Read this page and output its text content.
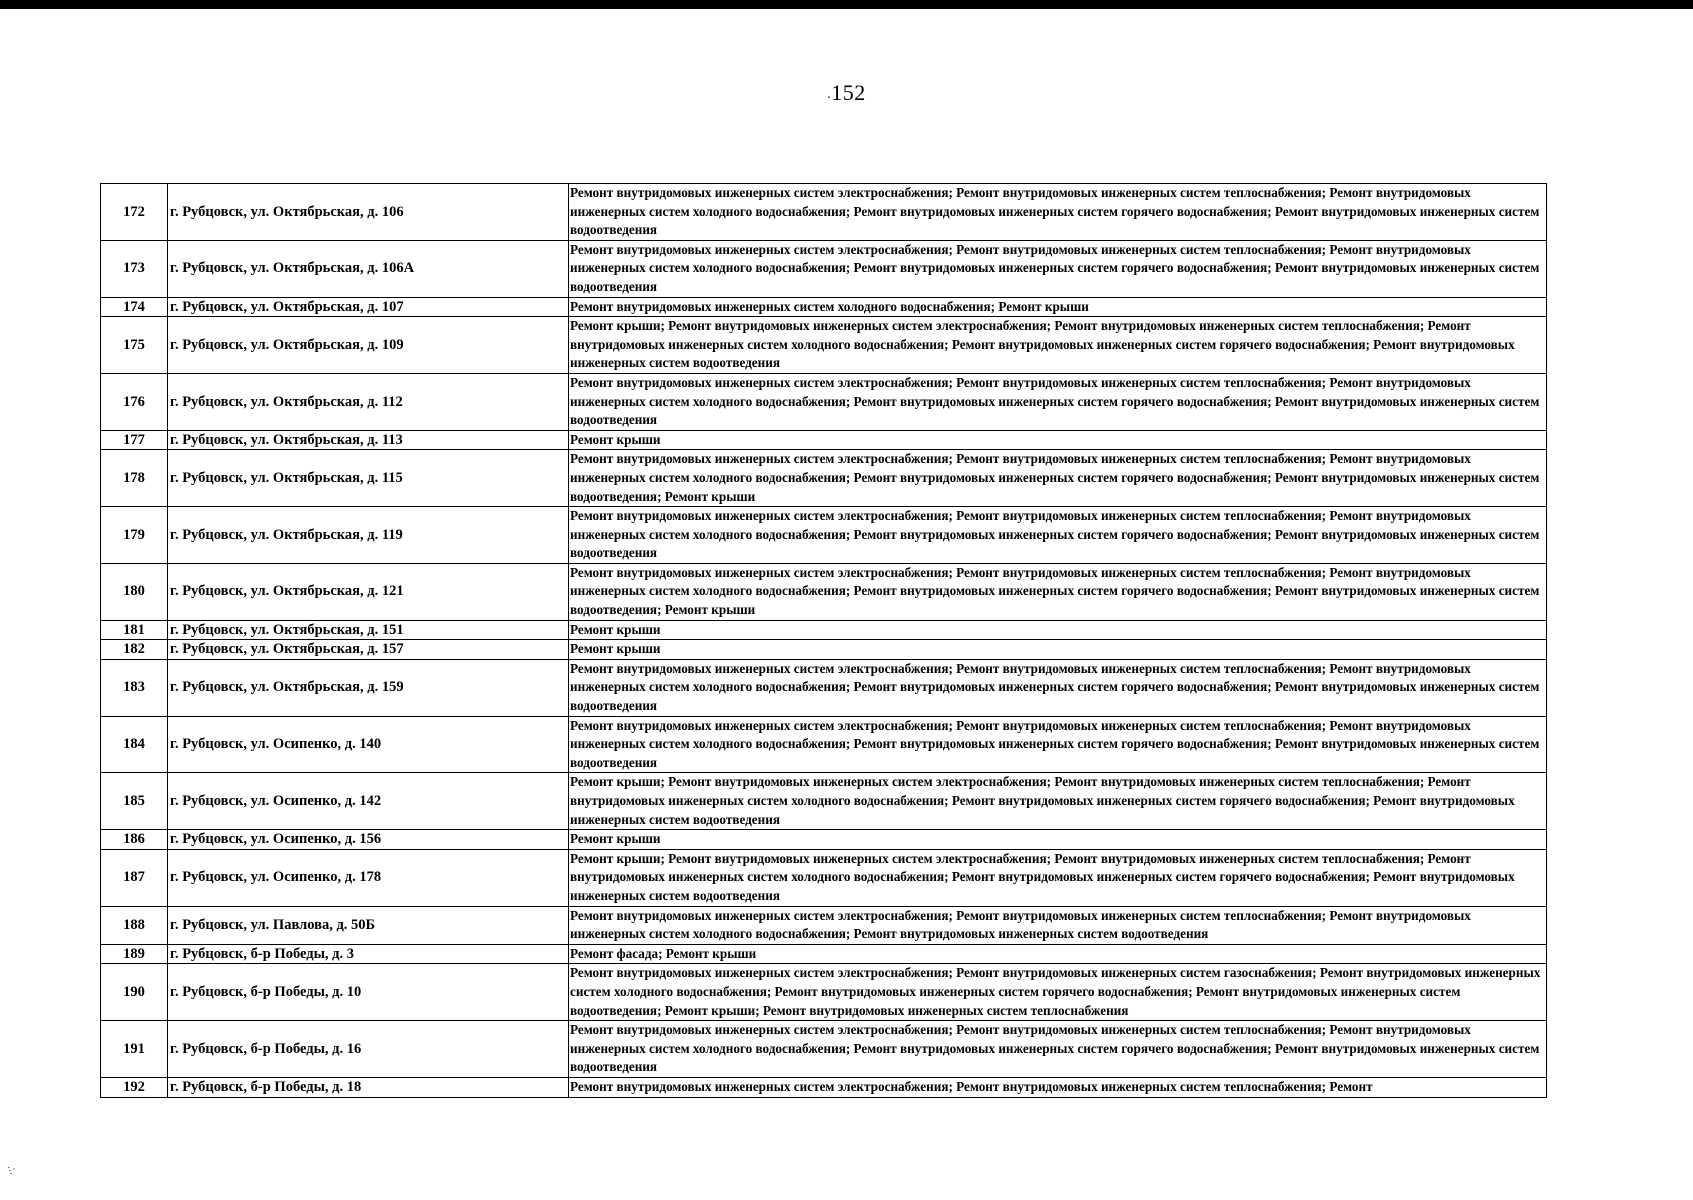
.152
172	г. Рубцовск, ул. Октябрьская, д. 106	Ремонт внутридомовых инженерных систем электроснабжения; Ремонт внутридомовых инженерных систем теплоснабжения; Ремонт внутридомовых инженерных систем холодного водоснабжения; Ремонт внутридомовых инженерных систем горячего водоснабжения; Ремонт внутридомовых инженерных систем водоотведения
173	г. Рубцовск, ул. Октябрьская, д. 106А	Ремонт внутридомовых инженерных систем электроснабжения; Ремонт внутридомовых инженерных систем теплоснабжения; Ремонт внутридомовых инженерных систем холодного водоснабжения; Ремонт внутридомовых инженерных систем горячего водоснабжения; Ремонт внутридомовых инженерных систем водоотведения
174	г. Рубцовск, ул. Октябрьская, д. 107	Ремонт внутридомовых инженерных систем холодного водоснабжения; Ремонт крыши
175	г. Рубцовск, ул. Октябрьская, д. 109	Ремонт крыши; Ремонт внутридомовых инженерных систем электроснабжения; Ремонт внутридомовых инженерных систем теплоснабжения; Ремонт внутридомовых инженерных систем холодного водоснабжения; Ремонт внутридомовых инженерных систем горячего водоснабжения; Ремонт внутридомовых инженерных систем водоотведения
176	г. Рубцовск, ул. Октябрьская, д. 112	Ремонт внутридомовых инженерных систем электроснабжения; Ремонт внутридомовых инженерных систем теплоснабжения; Ремонт внутридомовых инженерных систем холодного водоснабжения; Ремонт внутридомовых инженерных систем горячего водоснабжения; Ремонт внутридомовых инженерных систем водоотведения
177	г. Рубцовск, ул. Октябрьская, д. 113	Ремонт крыши
178	г. Рубцовск, ул. Октябрьская, д. 115	Ремонт внутридомовых инженерных систем электроснабжения; Ремонт внутридомовых инженерных систем теплоснабжения; Ремонт внутридомовых инженерных систем холодного водоснабжения; Ремонт внутридомовых инженерных систем горячего водоснабжения; Ремонт внутридомовых инженерных систем водоотведения; Ремонт крыши
179	г. Рубцовск, ул. Октябрьская, д. 119	Ремонт внутридомовых инженерных систем электроснабжения; Ремонт внутридомовых инженерных систем теплоснабжения; Ремонт внутридомовых инженерных систем холодного водоснабжения; Ремонт внутридомовых инженерных систем горячего водоснабжения; Ремонт внутридомовых инженерных систем водоотведения
180	г. Рубцовск, ул. Октябрьская, д. 121	Ремонт внутридомовых инженерных систем электроснабжения; Ремонт внутридомовых инженерных систем теплоснабжения; Ремонт внутридомовых инженерных систем холодного водоснабжения; Ремонт внутридомовых инженерных систем горячего водоснабжения; Ремонт внутридомовых инженерных систем водоотведения; Ремонт крыши
181	г. Рубцовск, ул. Октябрьская, д. 151	Ремонт крыши
182	г. Рубцовск, ул. Октябрьская, д. 157	Ремонт крыши
183	г. Рубцовск, ул. Октябрьская, д. 159	Ремонт внутридомовых инженерных систем электроснабжения; Ремонт внутридомовых инженерных систем теплоснабжения; Ремонт внутридомовых инженерных систем холодного водоснабжения; Ремонт внутридомовых инженерных систем горячего водоснабжения; Ремонт внутридомовых инженерных систем водоотведения
184	г. Рубцовск, ул. Осипенко, д. 140	Ремонт внутридомовых инженерных систем электроснабжения; Ремонт внутридомовых инженерных систем теплоснабжения; Ремонт внутридомовых инженерных систем холодного водоснабжения; Ремонт внутридомовых инженерных систем горячего водоснабжения; Ремонт внутридомовых инженерных систем водоотведения
185	г. Рубцовск, ул. Осипенко, д. 142	Ремонт крыши; Ремонт внутридомовых инженерных систем электроснабжения; Ремонт внутридомовых инженерных систем теплоснабжения; Ремонт внутридомовых инженерных систем холодного водоснабжения; Ремонт внутридомовых инженерных систем горячего водоснабжения; Ремонт внутридомовых инженерных систем водоотведения
186	г. Рубцовск, ул. Осипенко, д. 156	Ремонт крыши
187	г. Рубцовск, ул. Осипенко, д. 178	Ремонт крыши; Ремонт внутридомовых инженерных систем электроснабжения; Ремонт внутридомовых инженерных систем теплоснабжения; Ремонт внутридомовых инженерных систем холодного водоснабжения; Ремонт внутридомовых инженерных систем горячего водоснабжения; Ремонт внутридомовых инженерных систем водоотведения
188	г. Рубцовск, ул. Павлова, д. 50Б	Ремонт внутридомовых инженерных систем электроснабжения; Ремонт внутридомовых инженерных систем теплоснабжения; Ремонт внутридомовых инженерных систем холодного водоснабжения; Ремонт внутридомовых инженерных систем водоотведения
189	г. Рубцовск, б-р Победы, д. 3	Ремонт фасада; Ремонт крыши
190	г. Рубцовск, б-р Победы, д. 10	Ремонт внутридомовых инженерных систем электроснабжения; Ремонт внутридомовых инженерных систем газоснабжения; Ремонт внутридомовых инженерных систем холодного водоснабжения; Ремонт внутридомовых инженерных систем горячего водоснабжения; Ремонт внутридомовых инженерных систем водоотведения; Ремонт крыши; Ремонт внутридомовых инженерных систем теплоснабжения
191	г. Рубцовск, б-р Победы, д. 16	Ремонт внутридомовых инженерных систем электроснабжения; Ремонт внутридомовых инженерных систем теплоснабжения; Ремонт внутридомовых инженерных систем холодного водоснабжения; Ремонт внутридомовых инженерных систем горячего водоснабжения; Ремонт внутридомовых инженерных систем водоотведения
192	г. Рубцовск, б-р Победы, д. 18	Ремонт внутридомовых инженерных систем электроснабжения; Ремонт внутридомовых инженерных систем теплоснабжения; Ремонт
.:.
